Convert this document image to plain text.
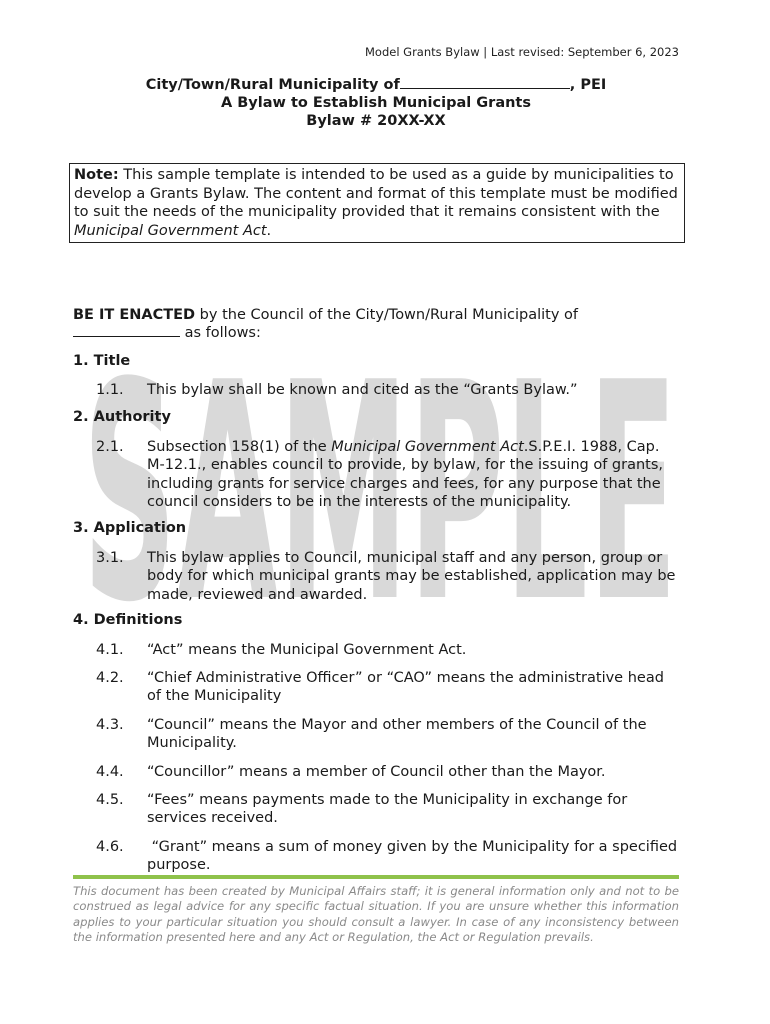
SAMPLE
Model Grants Bylaw | Last revised: September 6, 2023
City/Town/Rural Municipality of	, PEI
A Bylaw to Establish Municipal Grants
Bylaw # 20XX-XX
Note: This sample template is intended to be used as a guide by municipalities to develop a Grants Bylaw. The content and format of this template must be modified to suit the needs of the municipality provided that it remains consistent with the Municipal Government Act.
BE IT ENACTED by the Council of the City/Town/Rural Municipality of
as follows:
1. Title
1.1.	This bylaw shall be known and cited as the “Grants Bylaw.”
2. Authority
2.1.	Subsection 158(1) of the Municipal Government Act.S.P.E.I. 1988, Cap. M-12.1., enables council to provide, by bylaw, for the issuing of grants, including grants for service charges and fees, for any purpose that the council considers to be in the interests of the municipality.
3. Application
3.1.	This bylaw applies to Council, municipal staff and any person, group or body for which municipal grants may be established, application may be made, reviewed and awarded.
4. Definitions
4.1.	“Act” means the Municipal Government Act.
4.2.	“Chief Administrative Officer” or “CAO” means the administrative head of the Municipality
4.3.	“Council” means the Mayor and other members of the Council of the Municipality.
4.4.	“Councillor” means a member of Council other than the Mayor.
4.5.	“Fees” means payments made to the Municipality in exchange for services received.
4.6.	“Grant” means a sum of money given by the Municipality for a specified purpose.
This document has been created by Municipal Affairs staff; it is general information only and not to be construed as legal advice for any specific factual situation. If you are unsure whether this information applies to your particular situation you should consult a lawyer. In case of any inconsistency between the information presented here and any Act or Regulation, the Act or Regulation prevails.
